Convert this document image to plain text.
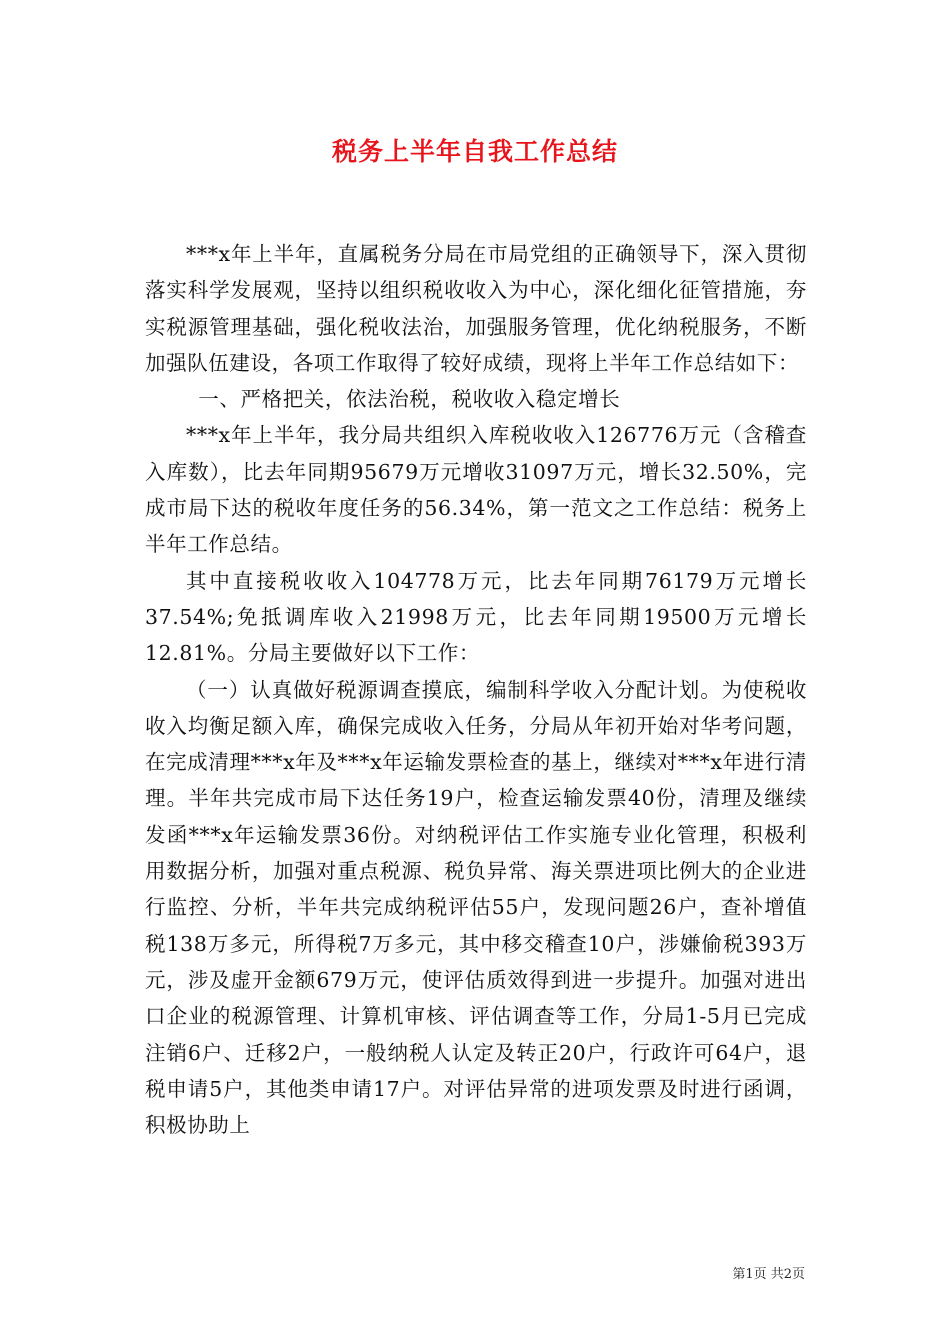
税务上半年自我工作总结

***x年上半年，直属税务分局在市局党组的正确领导下，深入贯彻落实科学发展观，坚持以组织税收收入为中心，深化细化征管措施，夯实税源管理基础，强化税收法治，加强服务管理，优化纳税服务，不断加强队伍建设，各项工作取得了较好成绩，现将上半年工作总结如下：

一、严格把关，依法治税，税收收入稳定增长

***x年上半年，我分局共组织入库税收收入126776万元（含稽查入库数），比去年同期95679万元增收31097万元，增长32.50%，完成市局下达的税收年度任务的56.34%，第一范文之工作总结：税务上半年工作总结。

其中直接税收收入104778万元，比去年同期76179万元增长37.54%;免抵调库收入21998万元，比去年同期19500万元增长12.81%。分局主要做好以下工作：

（一）认真做好税源调查摸底，编制科学收入分配计划。为使税收收入均衡足额入库，确保完成收入任务，分局从年初开始对华考问题，在完成清理***x年及***x年运输发票检查的基上，继续对***x年进行清理。半年共完成市局下达任务19户，检查运输发票40份，清理及继续发函***x年运输发票36份。对纳税评估工作实施专业化管理，积极利用数据分析，加强对重点税源、税负异常、海关票进项比例大的企业进行监控、分析，半年共完成纳税评估55户，发现问题26户，查补增值税138万多元，所得税7万多元，其中移交稽查10户，涉嫌偷税393万元，涉及虚开金额679万元，使评估质效得到进一步提升。加强对进出口企业的税源管理、计算机审核、评估调查等工作，分局1-5月已完成注销6户、迁移2户，一般纳税人认定及转正20户，行政许可64户，退税申请5户，其他类申请17户。对评估异常的进项发票及时进行函调，积极协助上

第1页 共2页
